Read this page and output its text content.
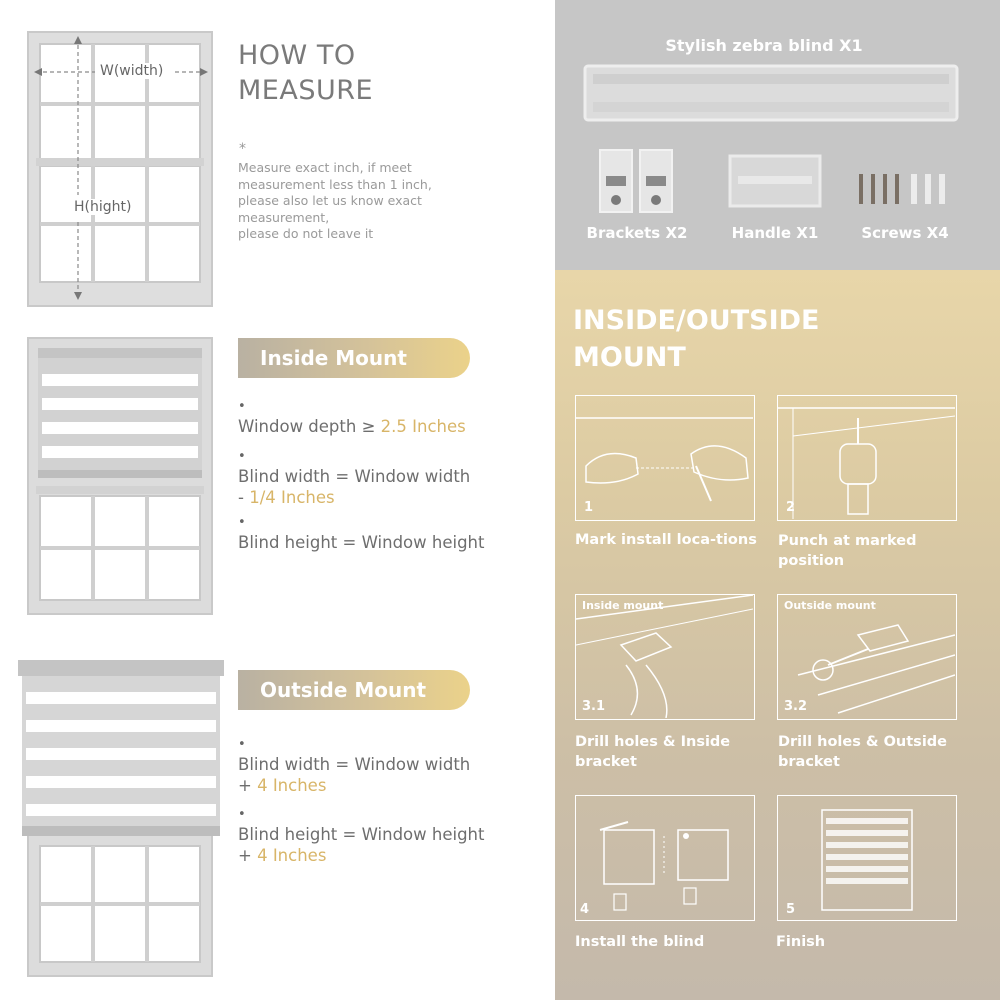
W(width)
H(hight)
HOW TO
MEASURE
*
Measure exact inch, if meet
measurement less than 1 inch,
please also let us know exact
measurement,
please do not leave it
Inside Mount
•
Window depth ≥ 2.5 Inches
•
Blind width = Window width
- 1/4 Inches
•
Blind height = Window height
Outside Mount
•
Blind width = Window width
+ 4 Inches
•
Blind height = Window height
+ 4 Inches
Stylish zebra blind X1
Brackets X2	Handle X1	Screws X4
INSIDE/OUTSIDE
MOUNT
1
Mark install loca-tions
2
Punch at marked
position
Inside mount
3.1
Drill holes & Inside
bracket
Outside mount
3.2
Drill holes & Outside
bracket
4
Install the blind
5
Finish
